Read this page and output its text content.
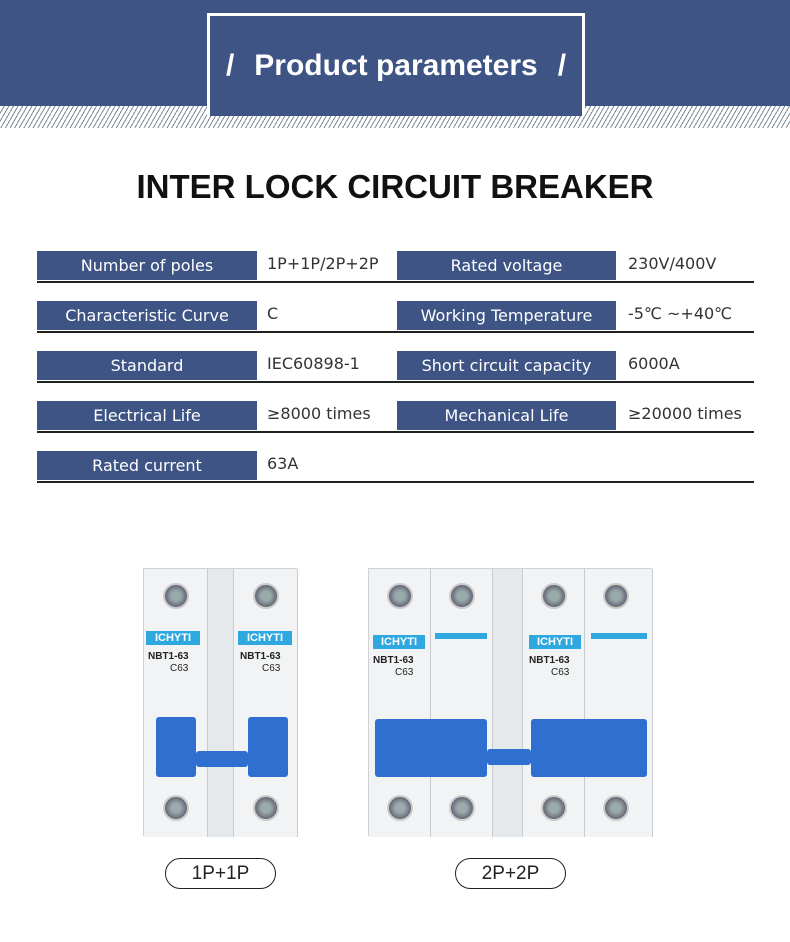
/ Product parameters /
INTER LOCK CIRCUIT BREAKER
Number of poles	1P+1P/2P+2P	Rated voltage	230V/400V
Characteristic Curve	C	Working Temperature	-5℃ ~+40℃
Standard	IEC60898-1	Short circuit capacity	6000A
Electrical Life	≥8000 times	Mechanical Life	≥20000 times
Rated current	63A
ICHYTI	ICHYTI
NBT1-63	NBT1-63
C63	C63
ICHYTI	ICHYTI
NBT1-63	NBT1-63
C63	C63
1P+1P	2P+2P
